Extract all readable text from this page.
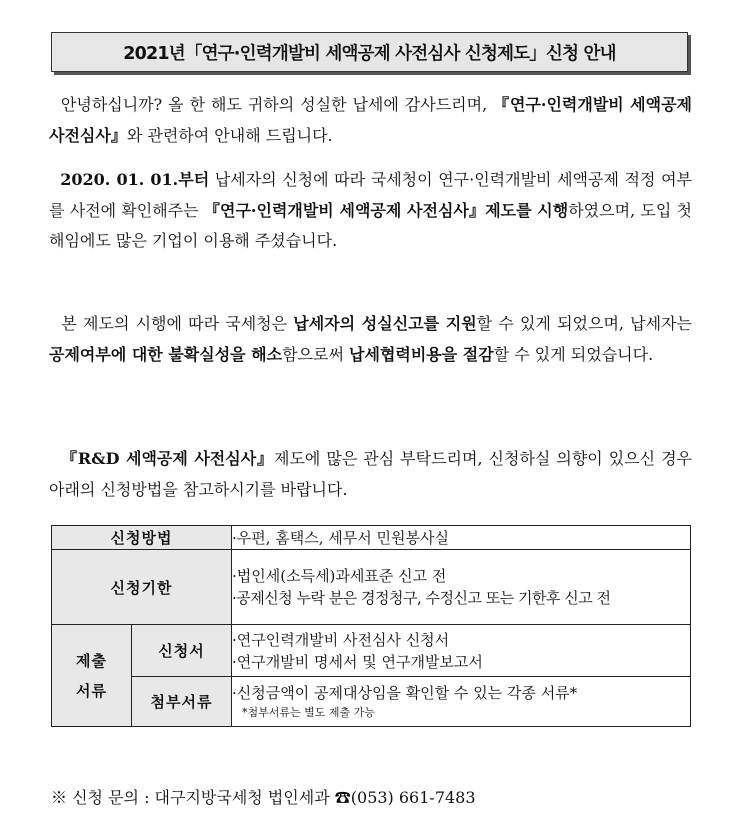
2021년「연구·인력개발비 세액공제 사전심사 신청제도」신청 안내

안녕하십니까? 올 한 해도 귀하의 성실한 납세에 감사드리며, 『연구·인력개발비 세액공제 사전심사』와 관련하여 안내해 드립니다.

2020. 01. 01.부터 납세자의 신청에 따라 국세청이 연구·인력개발비 세액공제 적정 여부를 사전에 확인해주는 『연구·인력개발비 세액공제 사전심사』제도를 시행하였으며, 도입 첫 해임에도 많은 기업이 이용해 주셨습니다.

본 제도의 시행에 따라 국세청은 납세자의 성실신고를 지원할 수 있게 되었으며, 납세자는 공제여부에 대한 불확실성을 해소함으로써 납세협력비용을 절감할 수 있게 되었습니다.

『R&D 세액공제 사전심사』제도에 많은 관심 부탁드리며, 신청하실 의향이 있으신 경우 아래의 신청방법을 참고하시기를 바랍니다.

신청방법		·우편, 홈택스, 세무서 민원봉사실

신청기한		·법인세(소득세)과세표준 신고 전
·공제신청 누락 분은 경정청구, 수정신고 또는 기한후 신고 전

제출
서류	신청서	·연구인력개발비 사전심사 신청서
·연구개발비 명세서 및 연구개발보고서

	첨부서류	·신청금액이 공제대상임을 확인할 수 있는 각종 서류*
*첨부서류는 별도 제출 가능
※ 신청 문의 : 대구지방국세청 법인세과 ☎(053) 661-7483
